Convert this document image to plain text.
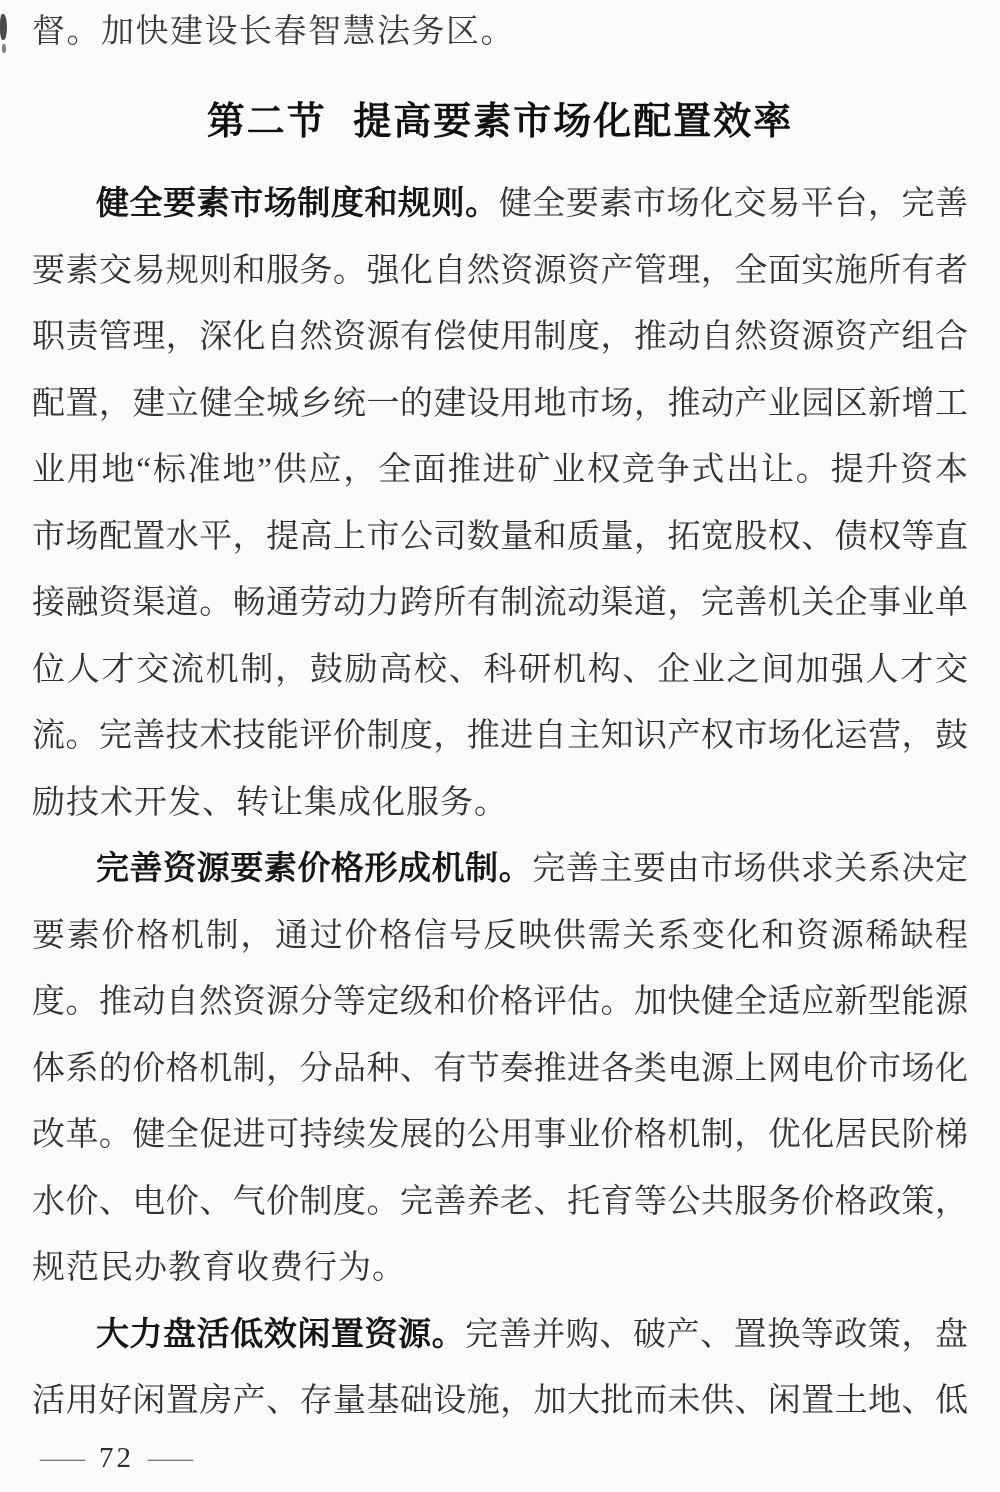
督。加快建设长春智慧法务区。
第二节 提高要素市场化配置效率
健全要素市场制度和规则。健全要素市场化交易平台，完善
要素交易规则和服务。强化自然资源资产管理，全面实施所有者
职责管理，深化自然资源有偿使用制度，推动自然资源资产组合
配置，建立健全城乡统一的建设用地市场，推动产业园区新增工
业用地“标准地”供应，全面推进矿业权竞争式出让。提升资本
市场配置水平，提高上市公司数量和质量，拓宽股权、债权等直
接融资渠道。畅通劳动力跨所有制流动渠道，完善机关企事业单
位人才交流机制，鼓励高校、科研机构、企业之间加强人才交
流。完善技术技能评价制度，推进自主知识产权市场化运营，鼓
励技术开发、转让集成化服务。
完善资源要素价格形成机制。完善主要由市场供求关系决定
要素价格机制，通过价格信号反映供需关系变化和资源稀缺程
度。推动自然资源分等定级和价格评估。加快健全适应新型能源
体系的价格机制，分品种、有节奏推进各类电源上网电价市场化
改革。健全促进可持续发展的公用事业价格机制，优化居民阶梯
水价、电价、气价制度。完善养老、托育等公共服务价格政策，
规范民办教育收费行为。
大力盘活低效闲置资源。完善并购、破产、置换等政策，盘
活用好闲置房产、存量基础设施，加大批而未供、闲置土地、低
— 72 —
